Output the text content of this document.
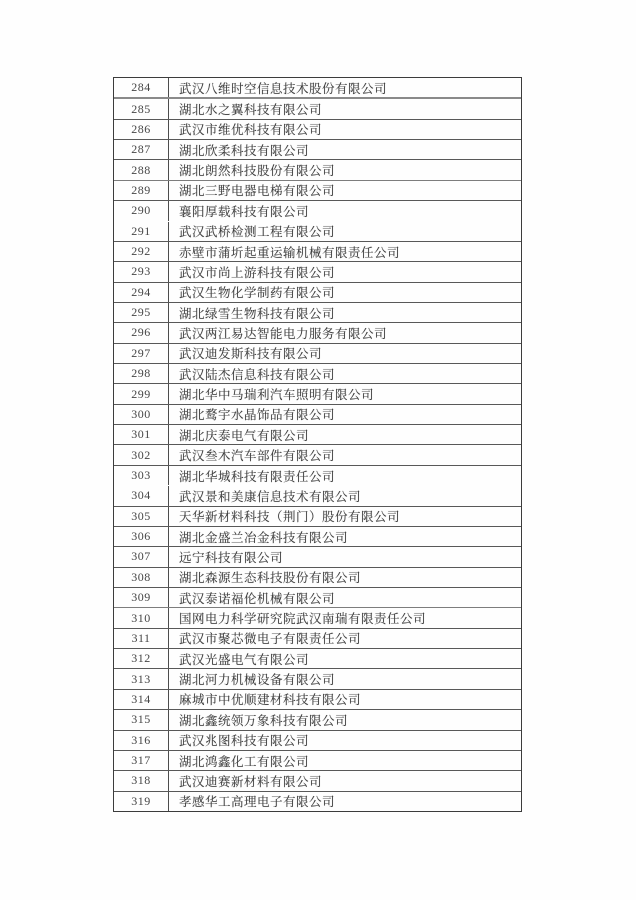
284	武汉八维时空信息技术股份有限公司
285	湖北水之翼科技有限公司
286	武汉市维优科技有限公司
287	湖北欣柔科技有限公司
288	湖北朗然科技股份有限公司
289	湖北三野电器电梯有限公司
290	襄阳厚载科技有限公司
291	武汉武桥检测工程有限公司
292	赤壁市蒲圻起重运输机械有限责任公司
293	武汉市尚上游科技有限公司
294	武汉生物化学制药有限公司
295	湖北绿雪生物科技有限公司
296	武汉两江易达智能电力服务有限公司
297	武汉迪发斯科技有限公司
298	武汉陆杰信息科技有限公司
299	湖北华中马瑞利汽车照明有限公司
300	湖北鹜宇水晶饰品有限公司
301	湖北庆泰电气有限公司
302	武汉叁木汽车部件有限公司
303	湖北华城科技有限责任公司
304	武汉景和美康信息技术有限公司
305	天华新材料科技（荆门）股份有限公司
306	湖北金盛兰冶金科技有限公司
307	远宁科技有限公司
308	湖北森源生态科技股份有限公司
309	武汉泰诺福伦机械有限公司
310	国网电力科学研究院武汉南瑞有限责任公司
311	武汉市聚芯微电子有限责任公司
312	武汉光盛电气有限公司
313	湖北河力机械设备有限公司
314	麻城市中优顺建材科技有限公司
315	湖北鑫统领万象科技有限公司
316	武汉兆图科技有限公司
317	湖北鸿鑫化工有限公司
318	武汉迪赛新材料有限公司
319	孝感华工高理电子有限公司
